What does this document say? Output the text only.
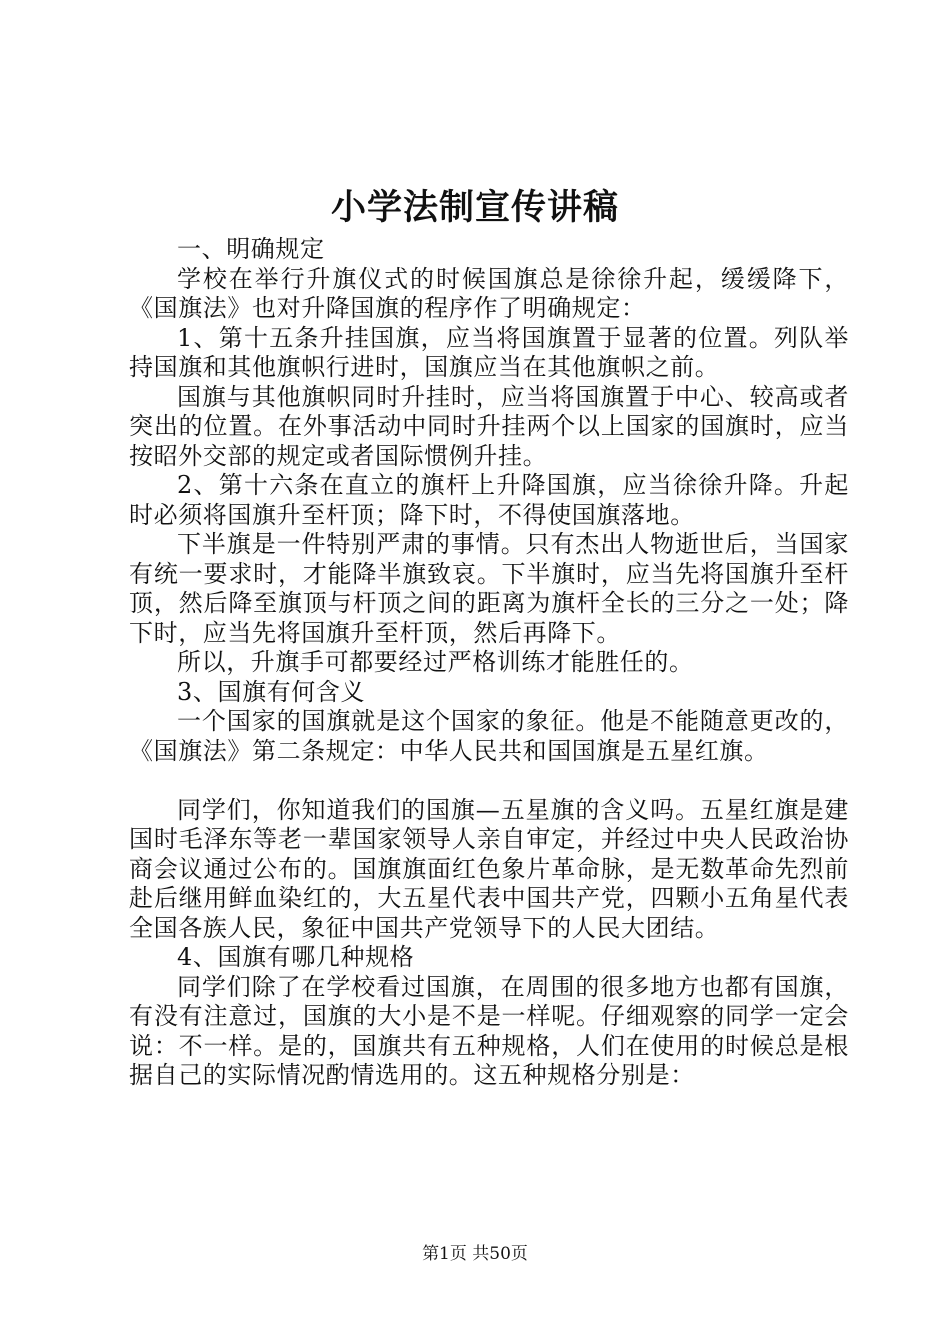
小学法制宣传讲稿

一、明确规定

学校在举行升旗仪式的时候国旗总是徐徐升起，缓缓降下，《国旗法》也对升降国旗的程序作了明确规定：

1、第十五条升挂国旗，应当将国旗置于显著的位置。列队举持国旗和其他旗帜行进时，国旗应当在其他旗帜之前。

国旗与其他旗帜同时升挂时，应当将国旗置于中心、较高或者突出的位置。在外事活动中同时升挂两个以上国家的国旗时，应当按昭外交部的规定或者国际惯例升挂。

2、第十六条在直立的旗杆上升降国旗，应当徐徐升降。升起时必须将国旗升至杆顶；降下时，不得使国旗落地。

下半旗是一件特别严肃的事情。只有杰出人物逝世后，当国家有统一要求时，才能降半旗致哀。下半旗时，应当先将国旗升至杆顶，然后降至旗顶与杆顶之间的距离为旗杆全长的三分之一处；降下时，应当先将国旗升至杆顶，然后再降下。

所以，升旗手可都要经过严格训练才能胜任的。

3、国旗有何含义

一个国家的国旗就是这个国家的象征。他是不能随意更改的，《国旗法》第二条规定：中华人民共和国国旗是五星红旗。

同学们，你知道我们的国旗—五星旗的含义吗。五星红旗是建国时毛泽东等老一辈国家领导人亲自审定，并经过中央人民政治协商会议通过公布的。国旗旗面红色象片革命脉，是无数革命先烈前赴后继用鲜血染红的，大五星代表中国共产党，四颗小五角星代表全国各族人民，象征中国共产党领导下的人民大团结。

4、国旗有哪几种规格

同学们除了在学校看过国旗，在周围的很多地方也都有国旗，有没有注意过，国旗的大小是不是一样呢。仔细观察的同学一定会说：不一样。是的，国旗共有五种规格，人们在使用的时候总是根据自己的实际情况酌情选用的。这五种规格分别是：

第1页 共50页
